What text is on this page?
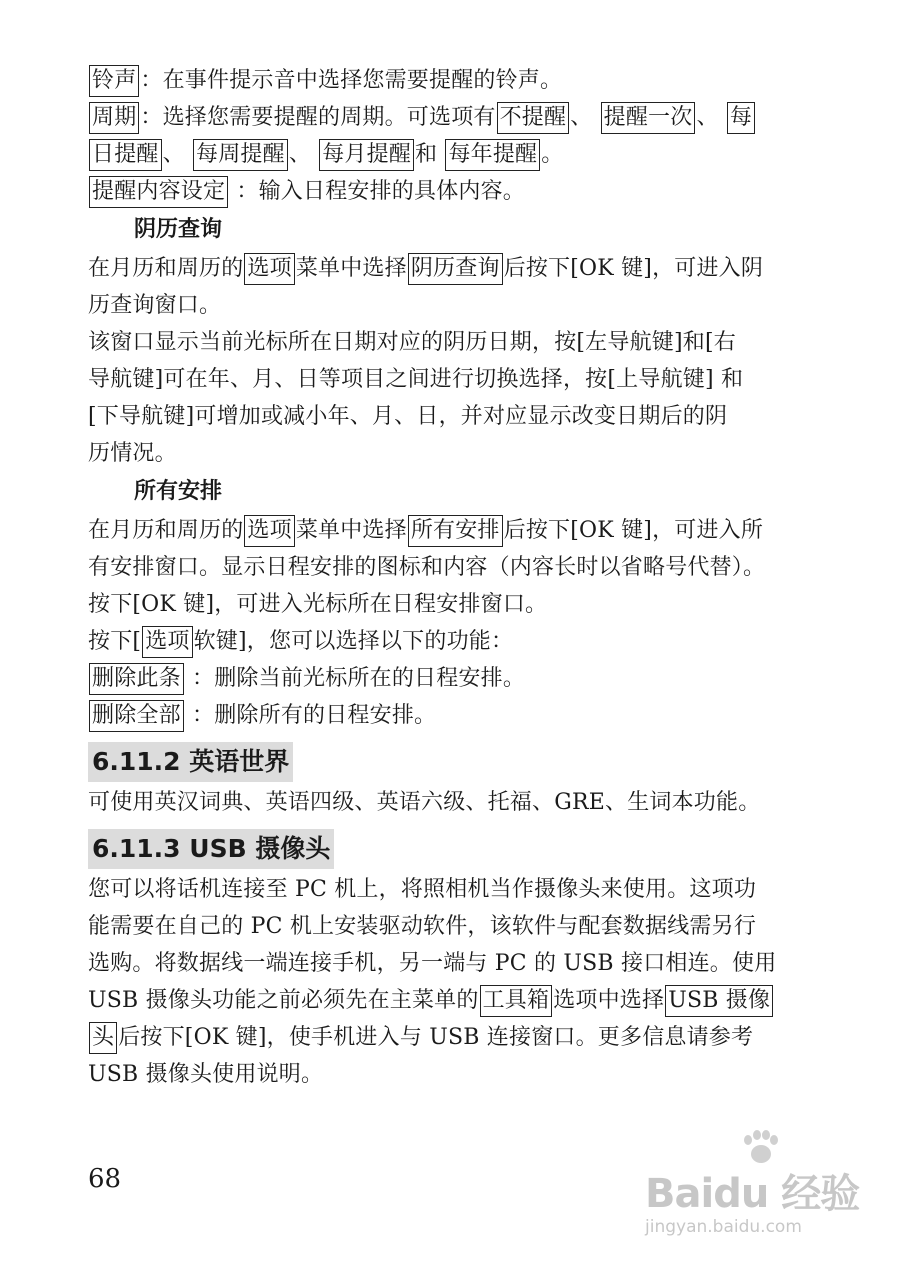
铃声 ：在事件提示音中选择您需要提醒的铃声。
周期 ：选择您需要提醒的周期。可选项有 不提醒 、 提醒一次 、 每
日提醒 、 每周提醒 、 每月提醒 和 每年提醒 。
提醒内容设定 ：输入日程安排的具体内容。
阴历查询
在月历和周历的 选项 菜单中选择 阴历查询 后按下[OK 键]，可进入阴
历查询窗口。
该窗口显示当前光标所在日期对应的阴历日期，按[左导航键]和[右
导航键]可在年、月、日等项目之间进行切换选择，按[上导航键] 和
[下导航键]可增加或减小年、月、日，并对应显示改变日期后的阴
历情况。
所有安排
在月历和周历的 选项 菜单中选择 所有安排 后按下[OK 键]，可进入所
有安排窗口。显示日程安排的图标和内容（内容长时以省略号代替）。
按下[OK 键]，可进入光标所在日程安排窗口。
按下[ 选项 软键]，您可以选择以下的功能：
删除此条 ：删除当前光标所在的日程安排。
删除全部 ：删除所有的日程安排。
6.11.2 英语世界
可使用英汉词典、英语四级、英语六级、托福、GRE、生词本功能。
6.11.3 USB 摄像头
您可以将话机连接至 PC 机上，将照相机当作摄像头来使用。这项功
能需要在自己的 PC 机上安装驱动软件，该软件与配套数据线需另行
选购。将数据线一端连接手机，另一端与 PC 的 USB 接口相连。使用
USB 摄像头功能之前必须先在主菜单的 工具箱 选项中选择 USB 摄像
头 后按下[OK 键]，使手机进入与 USB 连接窗口。更多信息请参考
USB 摄像头使用说明。
68	Baidu 经验
jingyan.baidu.com
